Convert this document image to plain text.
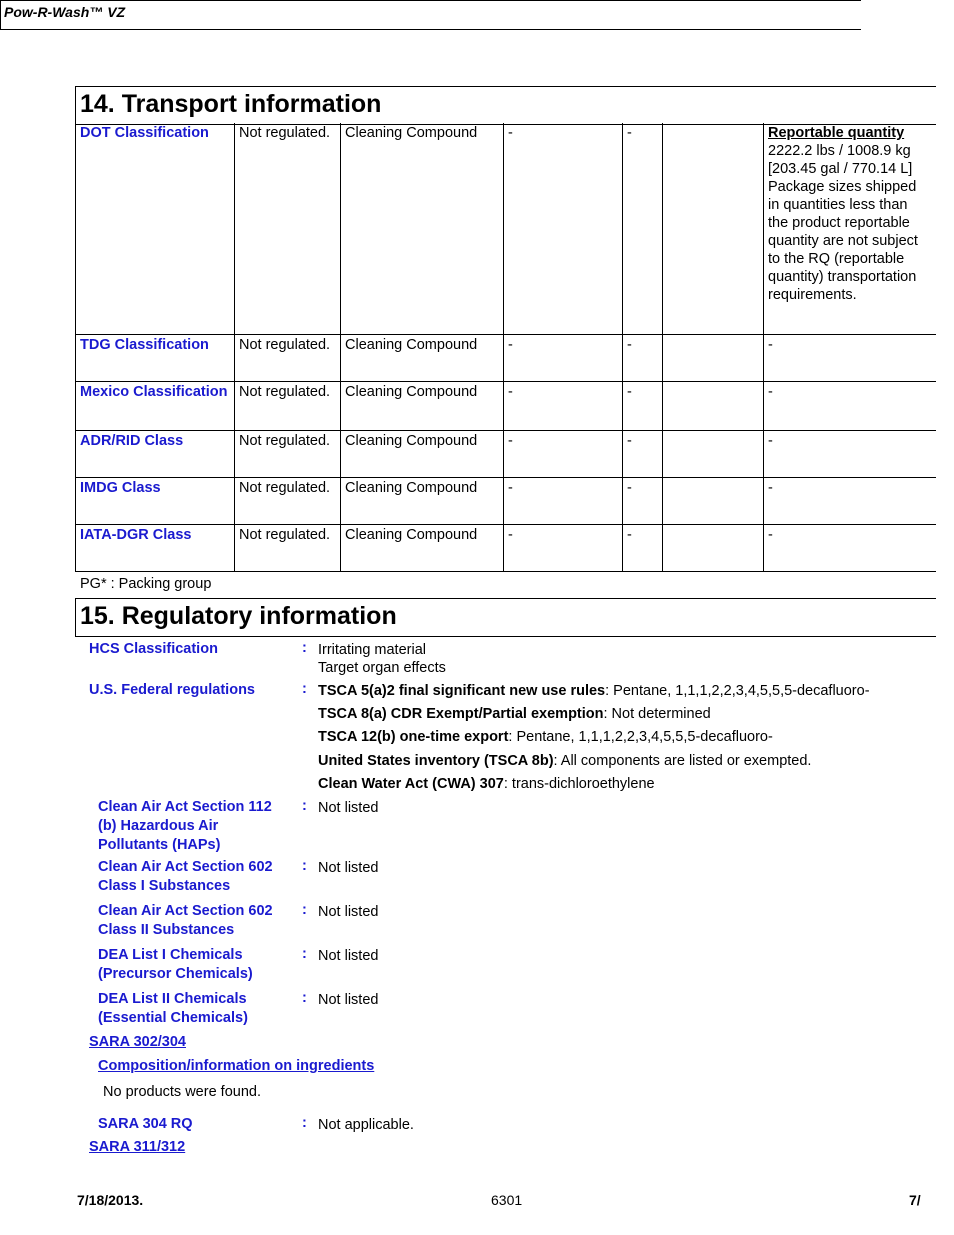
Pow-R-Wash™ VZ
14. Transport information
DOT Classification	Not regulated.	Cleaning Compound	-	-		Reportable quantity
2222.2 lbs / 1008.9 kg [203.45 gal / 770.14 L] Package sizes shipped in quantities less than the product reportable quantity are not subject to the RQ (reportable quantity) transportation requirements.

TDG Classification	Not regulated.	Cleaning Compound	-	-		-
Mexico Classification	Not regulated.	Cleaning Compound	-	-		-
ADR/RID Class	Not regulated.	Cleaning Compound	-	-		-
IMDG Class	Not regulated.	Cleaning Compound	-	-		-
IATA-DGR Class	Not regulated.	Cleaning Compound	-	-		-
PG* : Packing group
15. Regulatory information
HCS Classification	: Irritating material
Target organ effects
U.S. Federal regulations	: TSCA 5(a)2 final significant new use rules: Pentane, 1,1,1,2,2,3,4,5,5,5-decafluoro-
TSCA 8(a) CDR Exempt/Partial exemption: Not determined
TSCA 12(b) one-time export: Pentane, 1,1,1,2,2,3,4,5,5,5-decafluoro-
United States inventory (TSCA 8b): All components are listed or exempted.
Clean Water Act (CWA) 307: trans-dichloroethylene
Clean Air Act Section 112
(b) Hazardous Air
Pollutants (HAPs)
: Not listed
Clean Air Act Section 602
Class I Substances
: Not listed
Clean Air Act Section 602
Class II Substances
: Not listed
DEA List I Chemicals
(Precursor Chemicals)
: Not listed
DEA List II Chemicals
(Essential Chemicals)
: Not listed
SARA 302/304
Composition/information on ingredients
No products were found.
SARA 304 RQ	: Not applicable.
SARA 311/312
7/18/2013.	6301	7/
